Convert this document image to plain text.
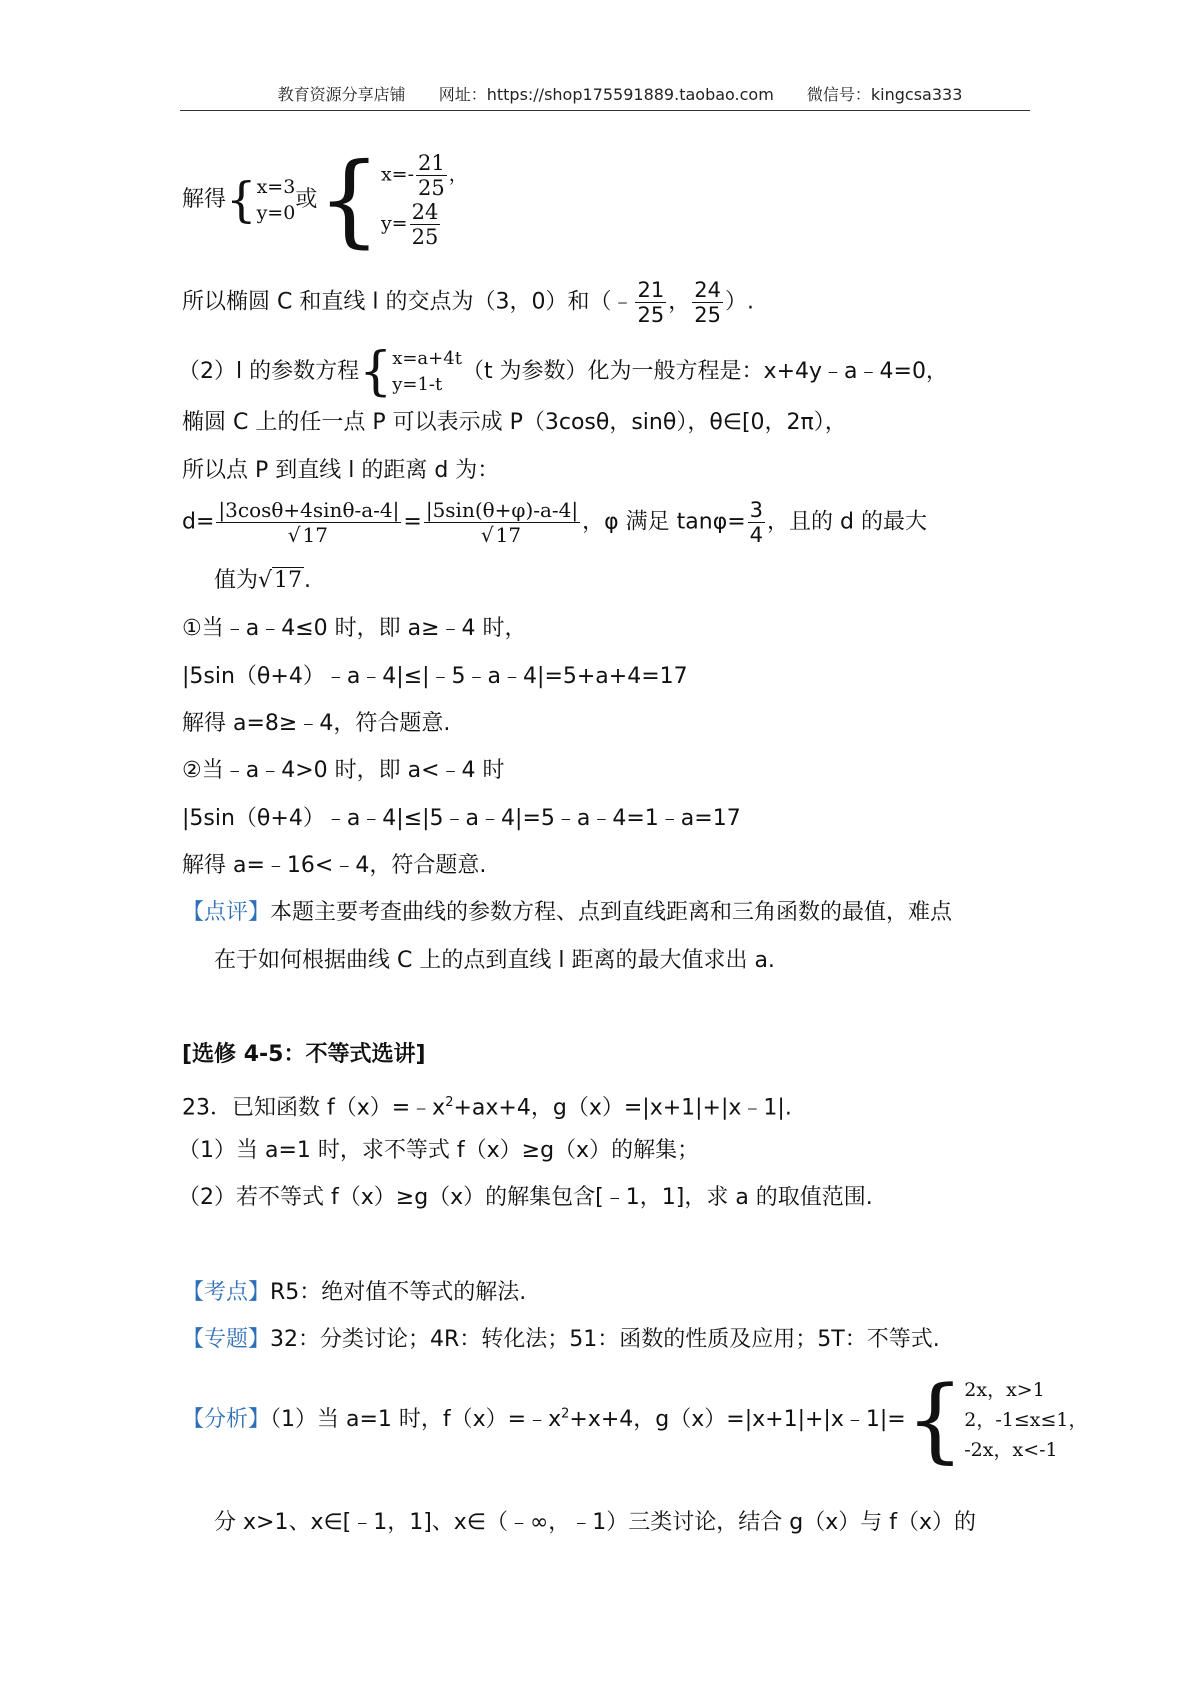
教育资源分享店铺 网址：https://shop175591889.taobao.com 微信号：kingcsa333
解得{ x=3
y=0
或{ $x=- \frac{21}{25}$ ，
$y= \frac{24}{25}$
所以椭圆 C 和直线 l 的交点为（3，0）和（﹣ $\frac{21}{25}$ ， $\frac{24}{25}$ ）.
（2）l 的参数方程{ x=a+4t
y=1-t
（t 为参数）化为一般方程是：x+4y﹣a﹣4=0，
椭圆 C 上的任一点 P 可以表示成 P（3cosθ，sinθ），θ∈[0，2π），
所以点 P 到直线 l 的距离 d 为：
$d= \frac{|3\cos\theta+4\sin\theta-a-4|}{√ 17} = \frac{|5\sin(\theta+\varphi)-a-4|}{√ 17}$ ，φ 满足 $\tan\varphi= \frac{3}{4}$ ，且的 d 的最大
值为√17.
①当﹣a﹣4≤0 时，即 a≥﹣4 时，
|5sin（θ+4）﹣a﹣4|≤|﹣5﹣a﹣4|=5+a+4=17
解得 a=8≥﹣4，符合题意.
②当﹣a﹣4>0 时，即 a<﹣4 时
|5sin（θ+4）﹣a﹣4|≤|5﹣a﹣4|=5﹣a﹣4=1﹣a=17
解得 a=﹣16<﹣4，符合题意.
【点评】本题主要考查曲线的参数方程、点到直线距离和三角函数的最值，难点
在于如何根据曲线 C 上的点到直线 l 距离的最大值求出 a.
[选修 4-5：不等式选讲]
23．已知函数 $f(x)=﹣x^2+ax+4$，g（x）=|x+1|+|x﹣1|.
（1）当 a=1 时，求不等式 f（x）≥g（x）的解集；
（2）若不等式 f（x）≥g（x）的解集包含[﹣1，1]，求 a 的取值范围.
【考点】R5：绝对值不等式的解法.
【专题】32：分类讨论；4R：转化法；51：函数的性质及应用；5T：不等式.
【分析】（1）当 a=1 时，$f(x)=﹣x^2+x+4$，g（x）=|x+1|+|x﹣1|={ 2x，x>1
2，-1≤x≤1，
-2x，x<-1
分 x>1、x∈[﹣1，1]、x∈（﹣∞，﹣1）三类讨论，结合 g（x）与 f（x）的
